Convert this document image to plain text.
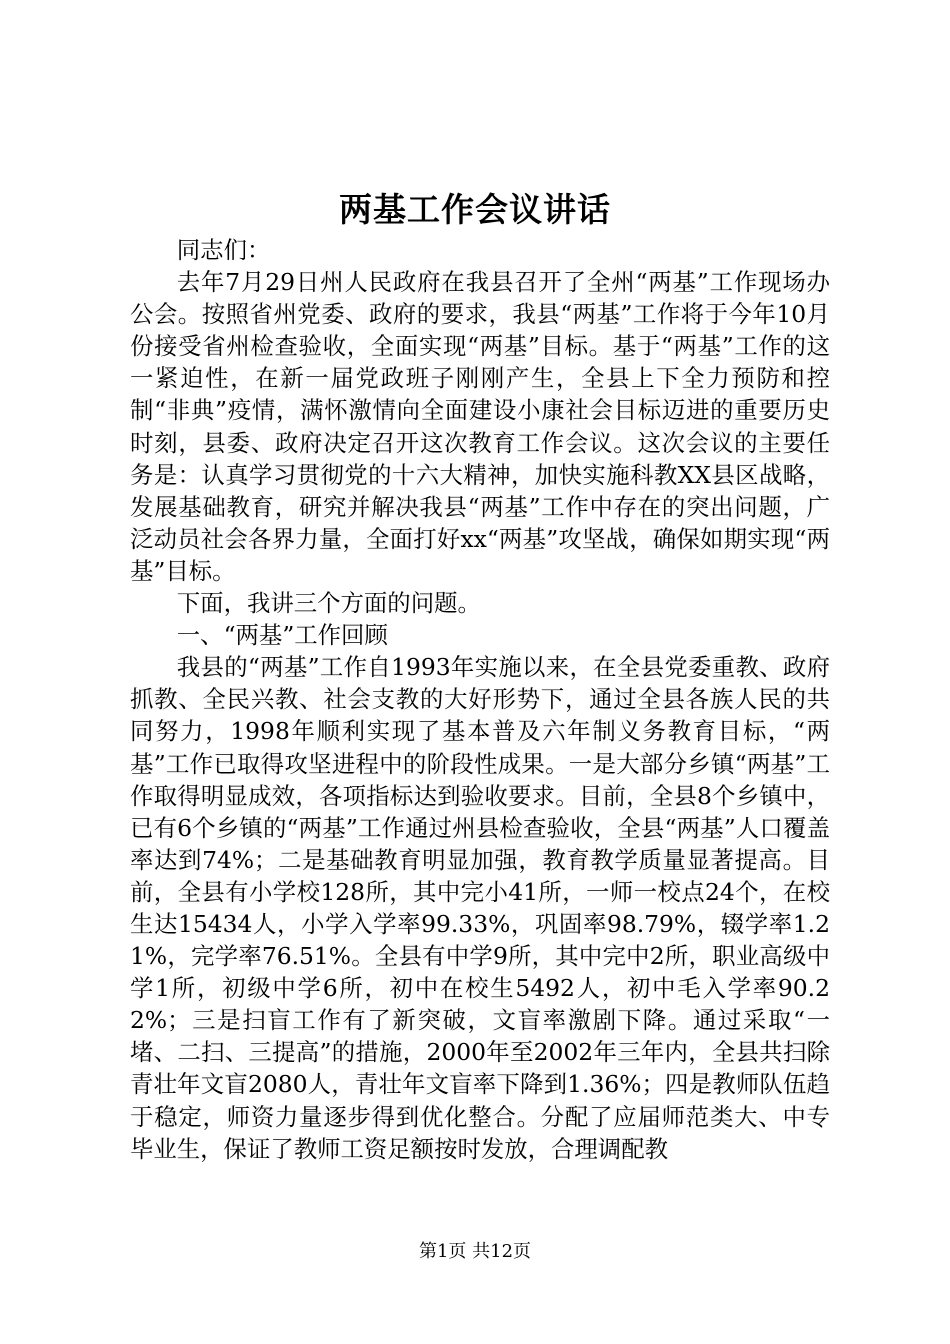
两基工作会议讲话

同志们：

去年7月29日州人民政府在我县召开了全州“两基”工作现场办公会。按照省州党委、政府的要求，我县“两基”工作将于今年10月份接受省州检查验收，全面实现“两基”目标。基于“两基”工作的这一紧迫性，在新一届党政班子刚刚产生，全县上下全力预防和控制“非典”疫情，满怀激情向全面建设小康社会目标迈进的重要历史时刻，县委、政府决定召开这次教育工作会议。这次会议的主要任务是：认真学习贯彻党的十六大精神，加快实施科教XX县区战略，发展基础教育，研究并解决我县“两基”工作中存在的突出问题，广泛动员社会各界力量，全面打好xx“两基”攻坚战，确保如期实现“两基”目标。

下面，我讲三个方面的问题。

一、“两基”工作回顾

我县的“两基”工作自1993年实施以来，在全县党委重教、政府抓教、全民兴教、社会支教的大好形势下，通过全县各族人民的共同努力，1998年顺利实现了基本普及六年制义务教育目标，“两基”工作已取得攻坚进程中的阶段性成果。一是大部分乡镇“两基”工作取得明显成效，各项指标达到验收要求。目前，全县8个乡镇中，已有6个乡镇的“两基”工作通过州县检查验收，全县“两基”人口覆盖率达到74%；二是基础教育明显加强，教育教学质量显著提高。目前，全县有小学校128所，其中完小41所，一师一校点24个，在校生达15434人，小学入学率99.33%，巩固率98.79%，辍学率1.21%，完学率76.51%。全县有中学9所，其中完中2所，职业高级中学1所，初级中学6所，初中在校生5492人，初中毛入学率90.22%；三是扫盲工作有了新突破，文盲率激剧下降。通过采取“一堵、二扫、三提高”的措施，2000年至2002年三年内，全县共扫除青壮年文盲2080人，青壮年文盲率下降到1.36%；四是教师队伍趋于稳定，师资力量逐步得到优化整合。分配了应届师范类大、中专毕业生，保证了教师工资足额按时发放，合理调配教

第1页 共12页
